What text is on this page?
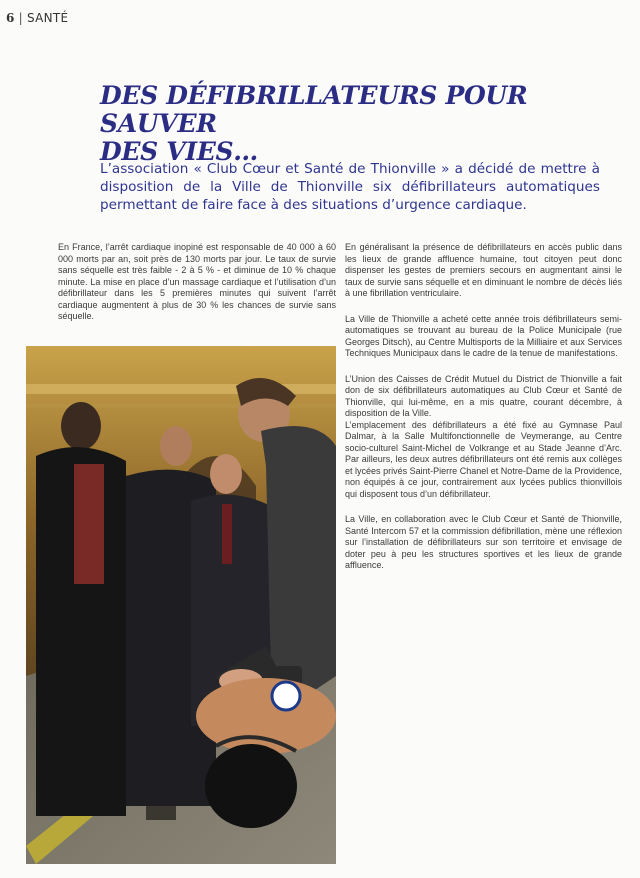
6 | SANTÉ
DES DÉFIBRILLATEURS POUR SAUVER
DES VIES…

L’association « Club Cœur et Santé de Thionville » a décidé de mettre à disposition de la Ville de Thionville six défibrillateurs automatiques permettant de faire face à des situations d’urgence cardiaque.

En France, l’arrêt cardiaque inopiné est responsable de 40 000 à 60 000 morts par an, soit près de 130 morts par jour. Le taux de survie sans séquelle est très faible - 2 à 5 % - et diminue de 10 % chaque minute. La mise en place d’un massage cardiaque et l’utilisation d’un défibrillateur dans les 5 premières minutes qui suivent l’arrêt cardiaque augmentent à plus de 30 % les chances de survie sans séquelle.

En généralisant la présence de défibrillateurs en accès public dans les lieux de grande affluence humaine, tout citoyen peut donc dispenser les gestes de premiers secours en augmentant ainsi le taux de survie sans séquelle et en diminuant le nombre de décès liés à une fibrillation ventriculaire.

La Ville de Thionville a acheté cette année trois défibrillateurs semi-automatiques se trouvant au bureau de la Police Municipale (rue Georges Ditsch), au Centre Multisports de la Milliaire et aux Services Techniques Municipaux dans le cadre de la tenue de manifestations.

L’Union des Caisses de Crédit Mutuel du District de Thionville a fait don de six défibrillateurs automatiques au Club Cœur et Santé de Thionville, qui lui-même, en a mis quatre, courant décembre, à disposition de la Ville.
L’emplacement des défibrillateurs a été fixé au Gymnase Paul Dalmar, à la Salle Multifonctionnelle de Veymerange, au Centre socio-culturel Saint-Michel de Volkrange et au Stade Jeanne d’Arc. Par ailleurs, les deux autres défibrillateurs ont été remis aux collèges et lycées privés Saint-Pierre Chanel et Notre-Dame de la Providence, non équipés à ce jour, contrairement aux lycées publics thionvillois qui disposent tous d’un défibrillateur.

La Ville, en collaboration avec le Club Cœur et Santé de Thionville, Santé Intercom 57 et la commission défibrillation, mène une réflexion sur l’installation de défibrillateurs sur son territoire et envisage de doter peu à peu les structures sportives et les lieux de grande affluence.
